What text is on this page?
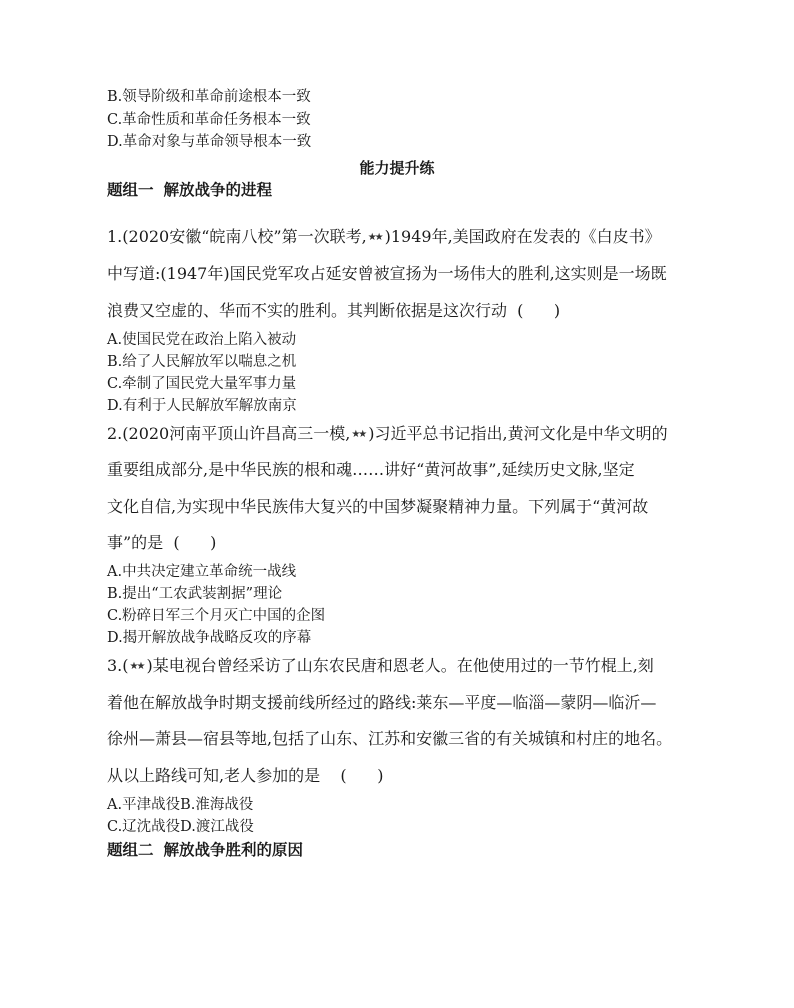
B.领导阶级和革命前途根本一致
C.革命性质和革命任务根本一致
D.革命对象与革命领导根本一致
能力提升练
题组一 解放战争的进程
1.(2020安徽“皖南八校”第一次联考,★★ )1949年,美国政府在发表的《白皮书》
中写道:(1947年)国民党军攻占延安曾被宣扬为一场伟大的胜利,这实则是一场既
浪费又空虚的、华而不实的胜利。其判断依据是这次行动  (      )
A.使国民党在政治上陷入被动
B.给了人民解放军以喘息之机
C.牵制了国民党大量军事力量
D.有利于人民解放军解放南京
2.(2020河南平顶山许昌高三一模,★★ )习近平总书记指出,黄河文化是中华文明的
重要组成部分,是中华民族的根和魂……讲好“黄河故事”,延续历史文脉,坚定
文化自信,为实现中华民族伟大复兴的中国梦凝聚精神力量。下列属于“黄河故
事”的是  (      )
A.中共决定建立革命统一战线
B.提出“工农武装割据”理论
C.粉碎日军三个月灭亡中国的企图
D.揭开解放战争战略反攻的序幕
3.(★★ )某电视台曾经采访了山东农民唐和恩老人。在他使用过的一节竹棍上,刻
着他在解放战争时期支援前线所经过的路线:莱东—平度—临淄—蒙阴—临沂—
徐州—萧县—宿县等地,包括了山东、江苏和安徽三省的有关城镇和村庄的地名。
从以上路线可知,老人参加的是    (      )
A.平津战役B.淮海战役
C.辽沈战役D.渡江战役
题组二 解放战争胜利的原因
